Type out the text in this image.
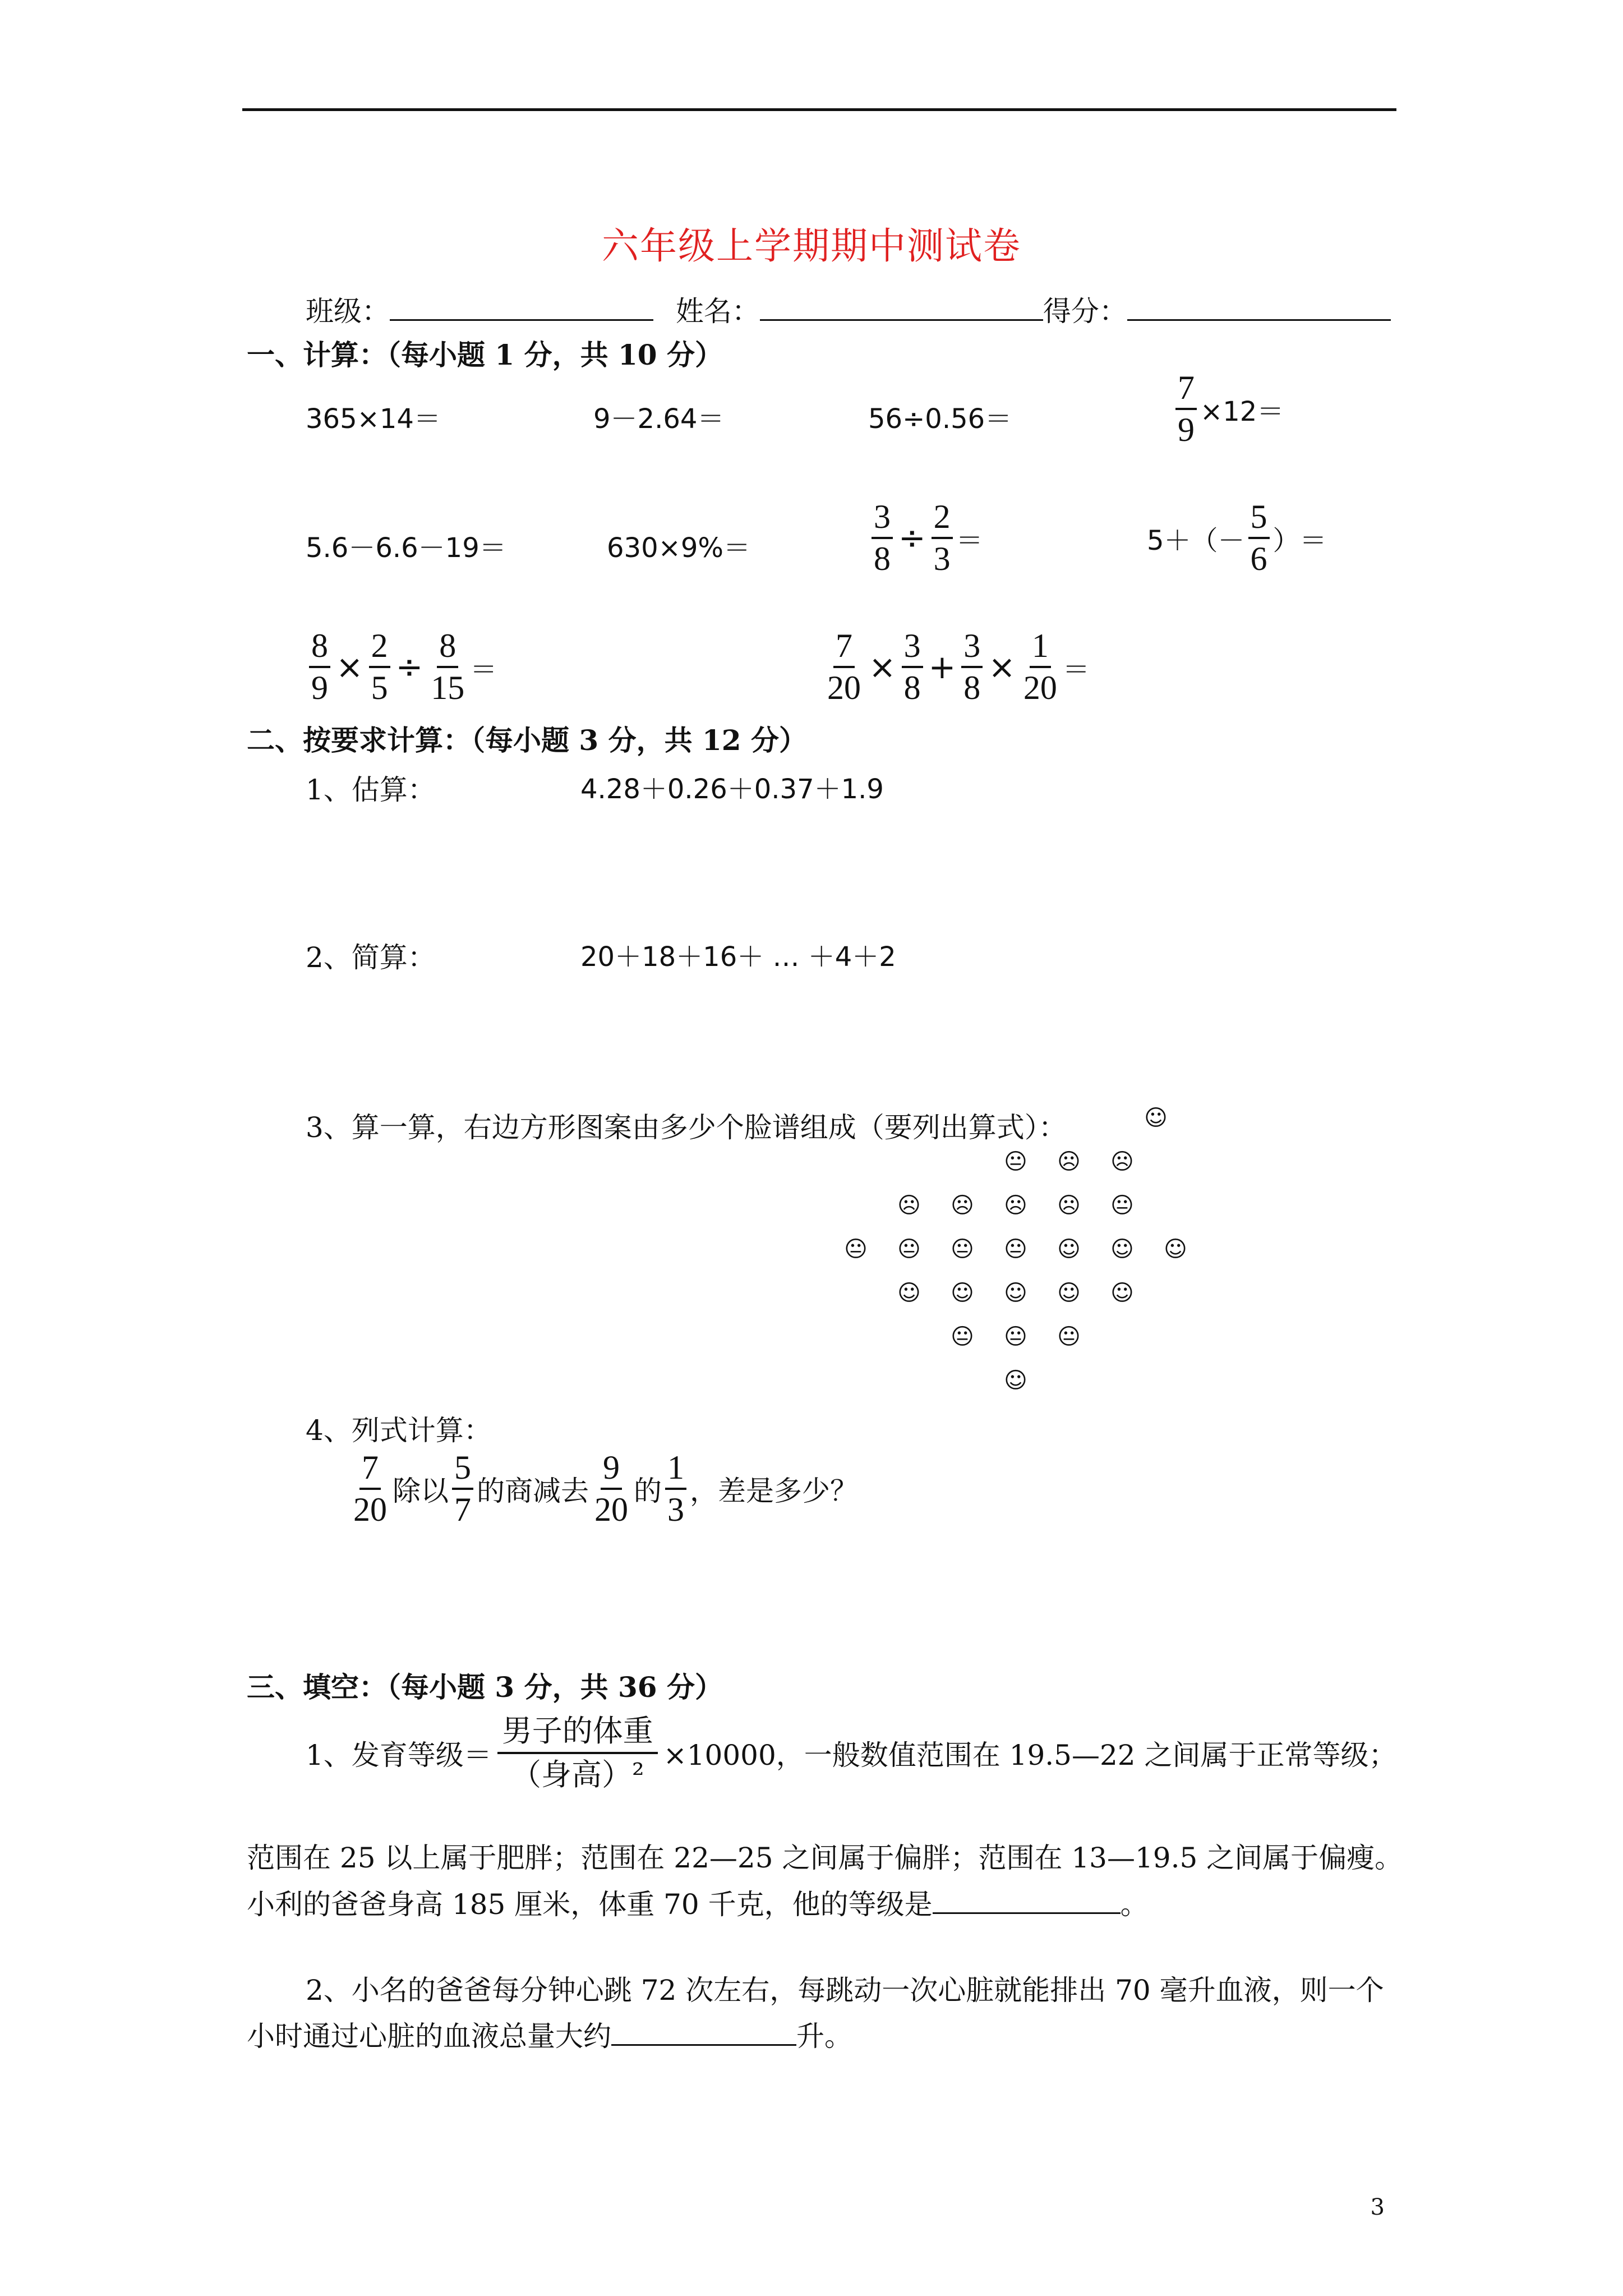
六年级上学期期中测试卷
班级：	姓名：	得分：
一、计算：（每小题 1 分，共 10 分）
365×14＝	9－2.64＝	56÷0.56＝	$\frac{7}{9} \times 12=$
5.6－6.6－19＝	630×9%＝	$\frac{3}{8} \div \frac{2}{3}$ ＝	$5+(- \frac{5}{6}$ ）＝
$\frac{8}{9} \times \frac{2}{5} \div \frac{8}{15}$ ＝	$\frac{7}{20} \times \frac{3}{8} + \frac{3}{8} \times \frac{1}{20}$ ＝
二、按要求计算：（每小题 3 分，共 12 分）
1、估算：	4.28＋0.26＋0.37＋1.9
2、简算：	20＋18＋16＋ … ＋4＋2
3、算一算，右边方形图案由多少个脸谱组成（要列出算式）：	☺
😐 ☹ ☹
☹ ☹ ☹ ☹ 😐
😐 😐 😐 😐 ☺ ☺ ☺
☺ ☺ ☺ ☺ ☺
😐 😐 😐
☺
4、列式计算：
$\frac{7}{20}$ 除以 $\frac{5}{7}$ 的商减去 $\frac{9}{20}$ 的 $\frac{1}{3}$ ，差是多少？
三、填空：（每小题 3 分，共 36 分）
1、发育等级＝ $\frac{\text{男子的体重}}{\text{（身高）²}} \times 10000$，一般数值范围在 19.5—22 之间属于正常等级；
范围在 25 以上属于肥胖；范围在 22—25 之间属于偏胖；范围在 13—19.5 之间属于偏瘦。
小利的爸爸身高 185 厘米，体重 70 千克，他的等级是	。
2、小名的爸爸每分钟心跳 72 次左右，每跳动一次心脏就能排出 70 毫升血液，则一个
小时通过心脏的血液总量大约	升。
3
